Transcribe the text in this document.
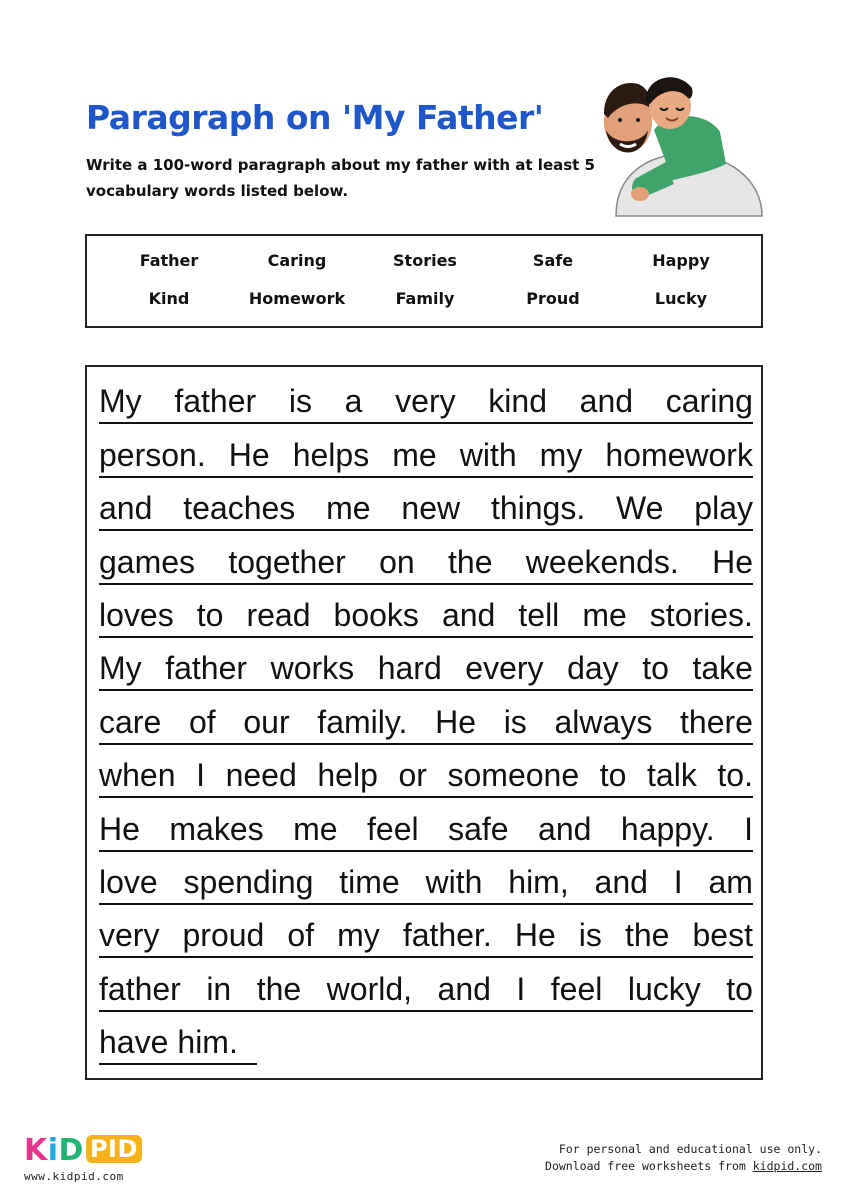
Paragraph on 'My Father'

Write a 100-word paragraph about my father with at least 5 vocabulary words listed below.

Father	Caring	Stories	Safe	Happy
Kind	Homework	Family	Proud	Lucky
My father is a very kind and caring
person. He helps me with my homework
and teaches me new things. We play
games together on the weekends. He
loves to read books and tell me stories.
My father works hard every day to take
care of our family. He is always there
when I need help or someone to talk to.
He makes me feel safe and happy. I
love spending time with him, and I am
very proud of my father. He is the best
father in the world, and I feel lucky to
have him.
KiD PID
www.kidpid.com
For personal and educational use only.
Download free worksheets from kidpid.com
